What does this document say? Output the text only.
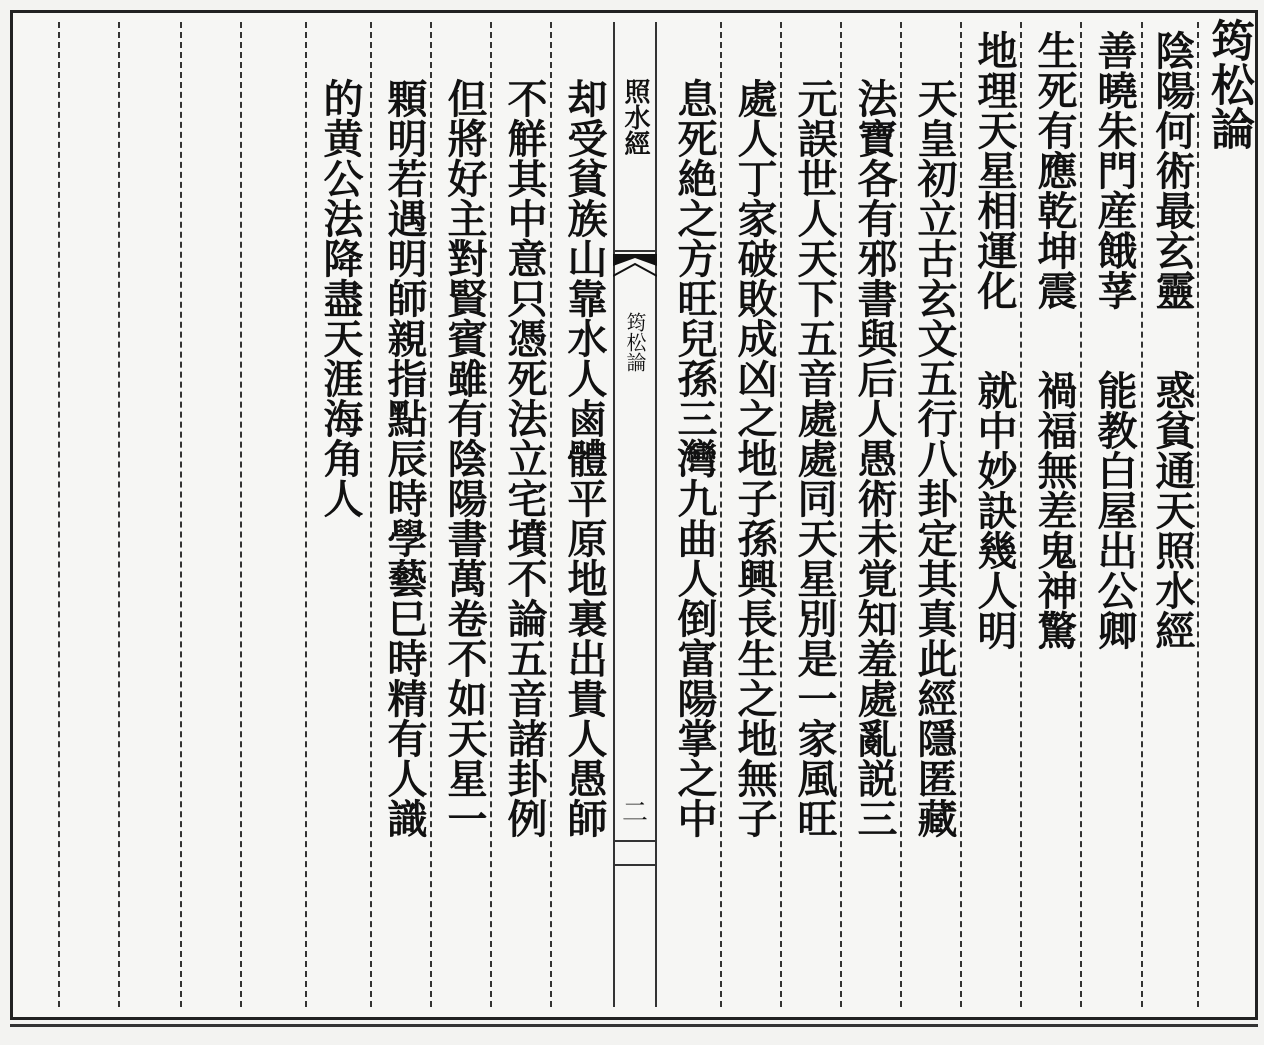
筠松論
陰陽何術最玄靈惑貧通天照水經
善曉朱門産餓莩能教白屋出公卿
生死有應乾坤震禍福無差鬼神驚
地理天星相運化就中妙訣幾人明
天皇初立古玄文五行八卦定其真此經隱匿藏
法寶各有邪書與后人愚術未覚知羞處亂説三
元誤世人天下五音處處同天星別是一家風旺
處人丁家破敗成凶之地子孫興長生之地無子
息死絶之方旺兒孫三灣九曲人倒富陽掌之中
照水經
筠松論
二
却受貧族山靠水人鹵體平原地裏出貴人愚師
不觧其中意只憑死法立宅墳不論五音諸卦例
但將好主對賢賓雖有陰陽書萬卷不如天星一
顆明若遇明師親指點辰時學藝巳時精有人識
的黄公法降盡天涯海角人
